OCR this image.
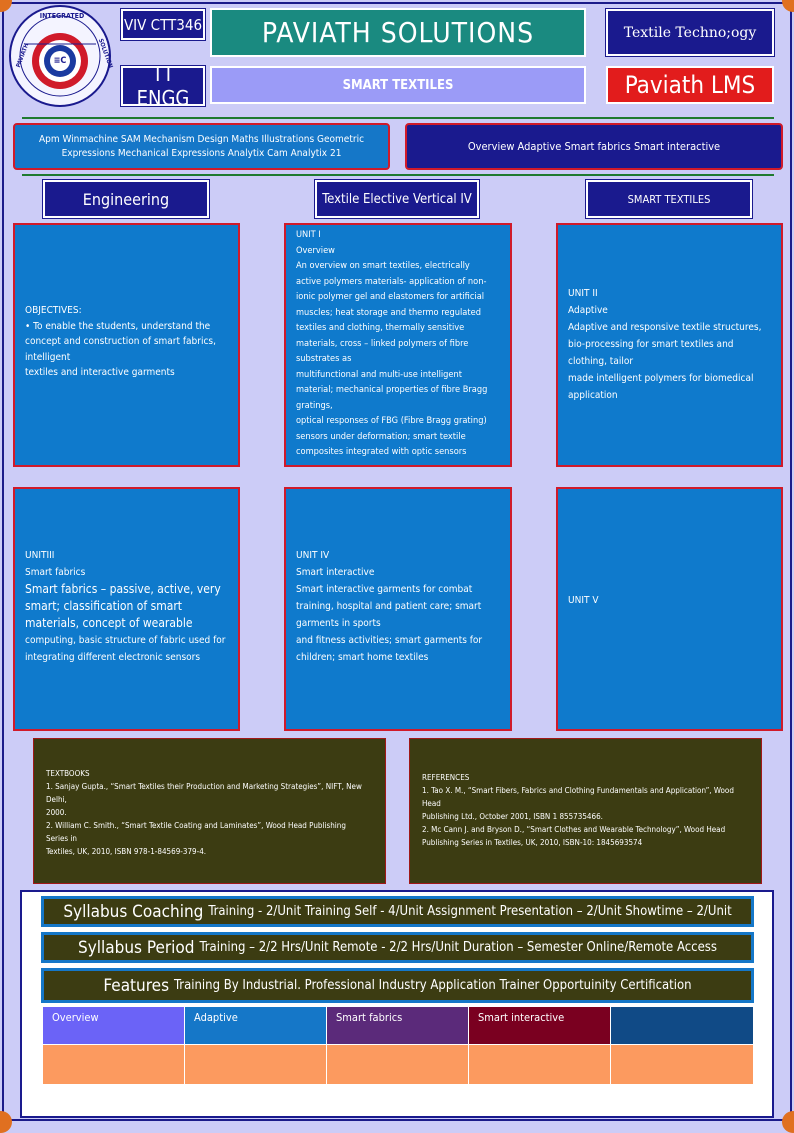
INTEGRATED
PAVIATH	SOLUTION
≡C
VIV CTT346	PAVIATH SOLUTIONS	Textile Techno;ogy
TT ENGG
SMART TEXTILES	Paviath LMS
Apm Winmachine SAM Mechanism Design Maths Illustrations Geometric Expressions Mechanical Expressions Analytix Cam Analytix 21	Overview Adaptive Smart fabrics Smart interactive
Engineering	Textile Elective Vertical IV	SMART TEXTILES
OBJECTIVES:
• To enable the students, understand the
concept and construction of smart fabrics,
intelligent
textiles and interactive garments
UNIT I
Overview
An overview on smart textiles, electrically
active polymers materials- application of non-
ionic polymer gel and elastomers for artificial
muscles; heat storage and thermo regulated
textiles and clothing, thermally sensitive
materials, cross – linked polymers of fibre
substrates as
multifunctional and multi-use intelligent
material; mechanical properties of fibre Bragg
gratings,
optical responses of FBG (Fibre Bragg grating)
sensors under deformation; smart textile
composites integrated with optic sensors
UNIT II
Adaptive
Adaptive and responsive textile structures,
bio-processing for smart textiles and
clothing, tailor
made intelligent polymers for biomedical
application
UNITIII
Smart fabrics
Smart fabrics – passive, active, very
smart; classification of smart
materials, concept of wearable
computing, basic structure of fabric used for
integrating different electronic sensors
UNIT IV
Smart interactive
Smart interactive garments for combat
training, hospital and patient care; smart
garments in sports
and fitness activities; smart garments for
children; smart home textiles
UNIT V
TEXTBOOKS
1. Sanjay Gupta., “Smart Textiles their Production and Marketing Strategies”, NIFT, New
Delhi,
2000.
2. William C. Smith., “Smart Textile Coating and Laminates”, Wood Head Publishing
Series in
Textiles, UK, 2010, ISBN 978-1-84569-379-4.
REFERENCES
1. Tao X. M., “Smart Fibers, Fabrics and Clothing Fundamentals and Application”, Wood
Head
Publishing Ltd., October 2001, ISBN 1 855735466.
2. Mc Cann J. and Bryson D., “Smart Clothes and Wearable Technology”, Wood Head
Publishing Series in Textiles, UK, 2010, ISBN-10: 1845693574
Syllabus Coaching Training - 2/Unit Training Self - 4/Unit Assignment Presentation – 2/Unit Showtime – 2/Unit
Syllabus Period Training – 2/2 Hrs/Unit Remote - 2/2 Hrs/Unit Duration – Semester Online/Remote Access
Features Training By Industrial. Professional Industry Application Trainer Opportuinity Certification
Overview	Adaptive	Smart fabrics	Smart interactive
